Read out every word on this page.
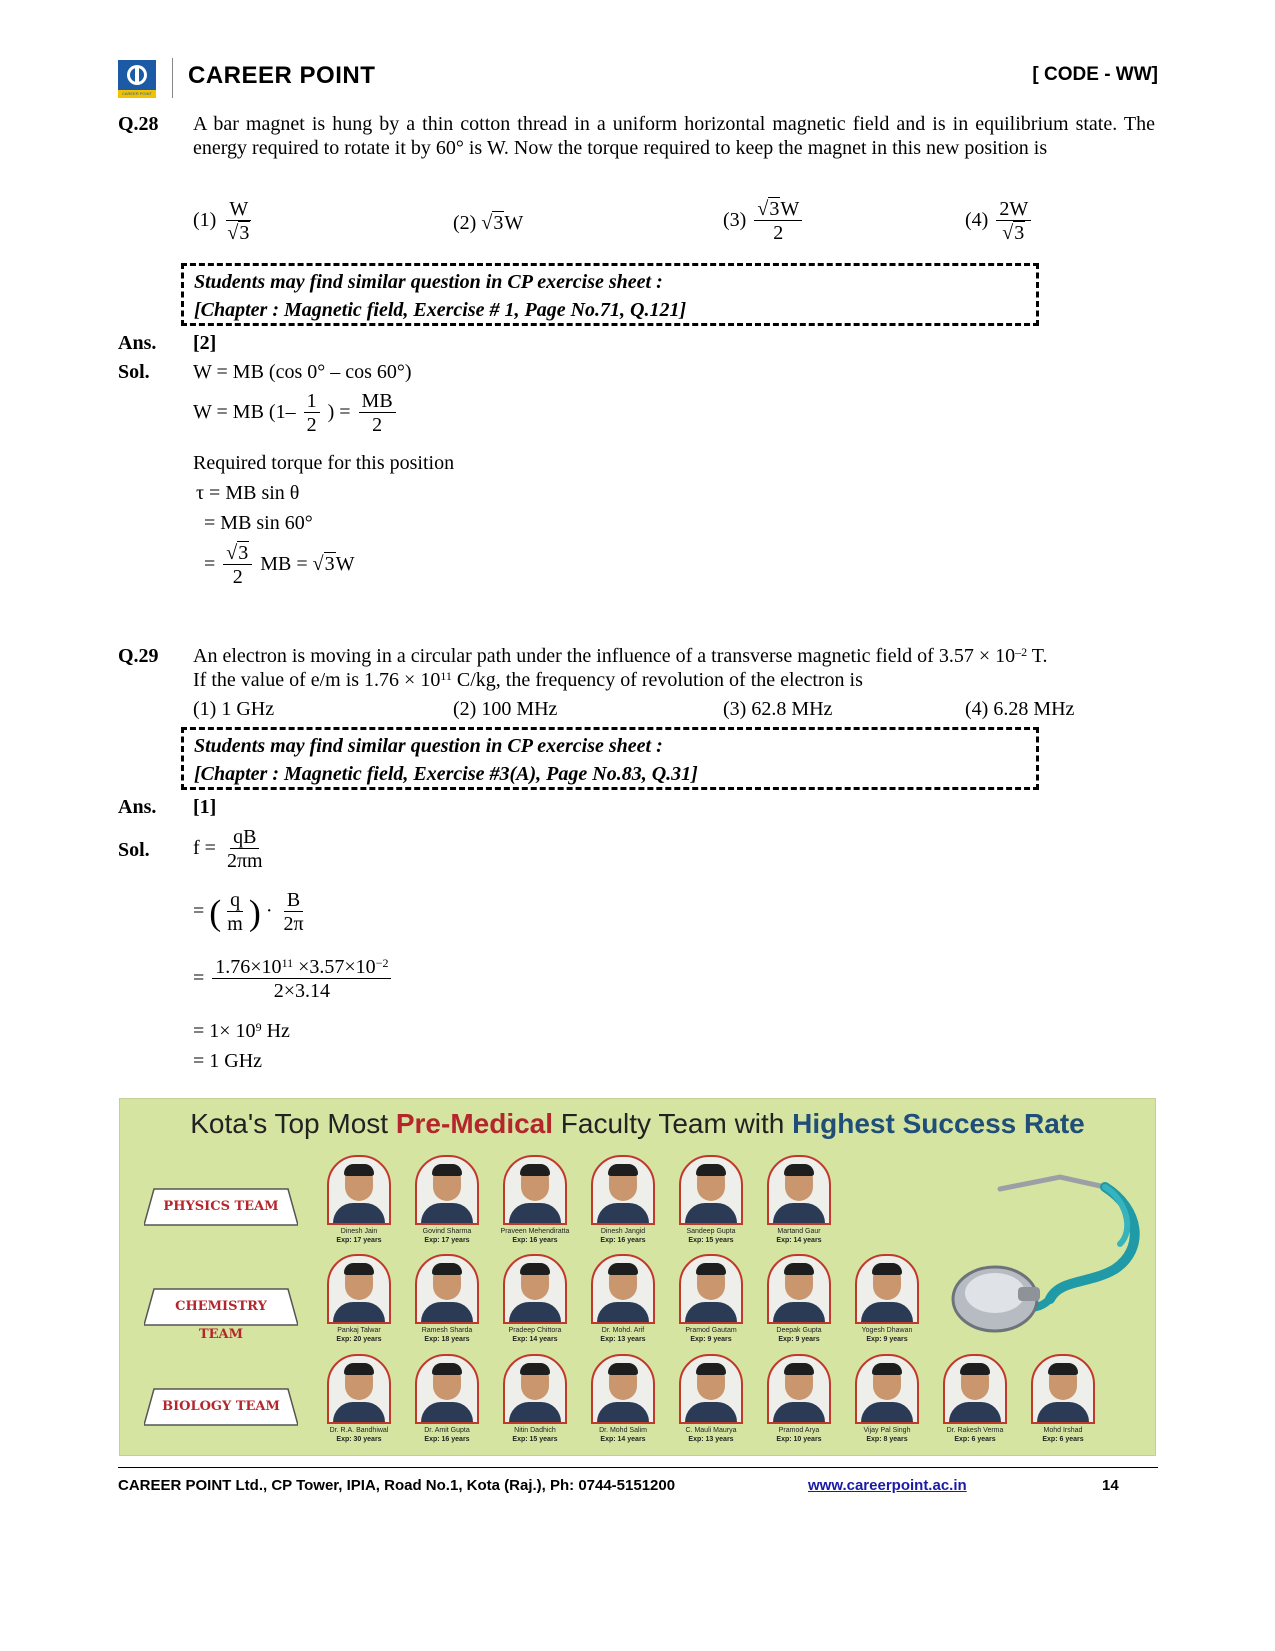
CAREER POINT
CAREER POINT	[ CODE - WW]
Q.28 A bar magnet is hung by a thin cotton thread in a uniform horizontal magnetic field and is in equilibrium state. The energy required to rotate it by 60° is W. Now the torque required to keep the magnet in this new position is
$(1) \frac{W}{√3}$	(2) √3W	$(3) \frac{√3W}{2}$	$(4) \frac{2W}{√3}$
Students may find similar question in CP exercise sheet :
[Chapter : Magnetic field, Exercise # 1, Page No.71, Q.121]
Ans. [2]
Sol. W = MB (cos 0° – cos 60°)
W = MB ($1- \frac{1}{2}$ ) = $\frac{MB}{2}$
Required torque for this position
τ = MB sin θ
= MB sin 60°
= $\frac{√3}{2}$ MB = √3W
Q.29 An electron is moving in a circular path under the influence of a transverse magnetic field of $3.57 \times 10^{-2}$ T.
If the value of e/m is $1.76 \times 10^{11}$ C/kg, the frequency of revolution of the electron is
(1) 1 GHz	(2) 100 MHz	(3) 62.8 MHz	(4) 6.28 MHz
Students may find similar question in CP exercise sheet :
[Chapter : Magnetic field, Exercise #3(A), Page No.83, Q.31]
Ans. [1]
Sol. $f = \frac{qB}{2\pi m}$
= ( $\frac{q}{m}$ ) · $\frac{B}{2\pi}$
= $\frac{1.76\times 10^{11} \times 3.57\times 10^{-2}}{2\times 3.14}$
= $1\times 10^9$ Hz
= 1 GHz
Kota's Top Most Pre-Medical Faculty Team with Highest Success Rate
PHYSICS TEAM
CHEMISTRY TEAM
BIOLOGY TEAM
Dinesh Jain
Exp: 17 years
Govind Sharma
Exp: 17 years
Praveen Mehendiratta
Exp: 16 years
Dinesh Jangid
Exp: 16 years
Sandeep Gupta
Exp: 15 years
Martand Gaur
Exp: 14 years
Pankaj Talwar
Exp: 20 years
Ramesh Sharda
Exp: 18 years
Pradeep Chittora
Exp: 14 years
Dr. Mohd. Arif
Exp: 13 years
Pramod Gautam
Exp: 9 years
Deepak Gupta
Exp: 9 years
Yogesh Dhawan
Exp: 9 years
Dr. R.A. Bandhiwal
Exp: 30 years
Dr. Amit Gupta
Exp: 16 years
Nitin Dadhich
Exp: 15 years
Dr. Mohd Salim
Exp: 14 years
C. Mauli Maurya
Exp: 13 years
Pramod Arya
Exp: 10 years
Vijay Pal Singh
Exp: 8 years
Dr. Rakesh Verma
Exp: 6 years
Mohd Irshad
Exp: 6 years
CAREER POINT Ltd., CP Tower, IPIA, Road No.1, Kota (Raj.), Ph: 0744-5151200	www.careerpoint.ac.in	14
